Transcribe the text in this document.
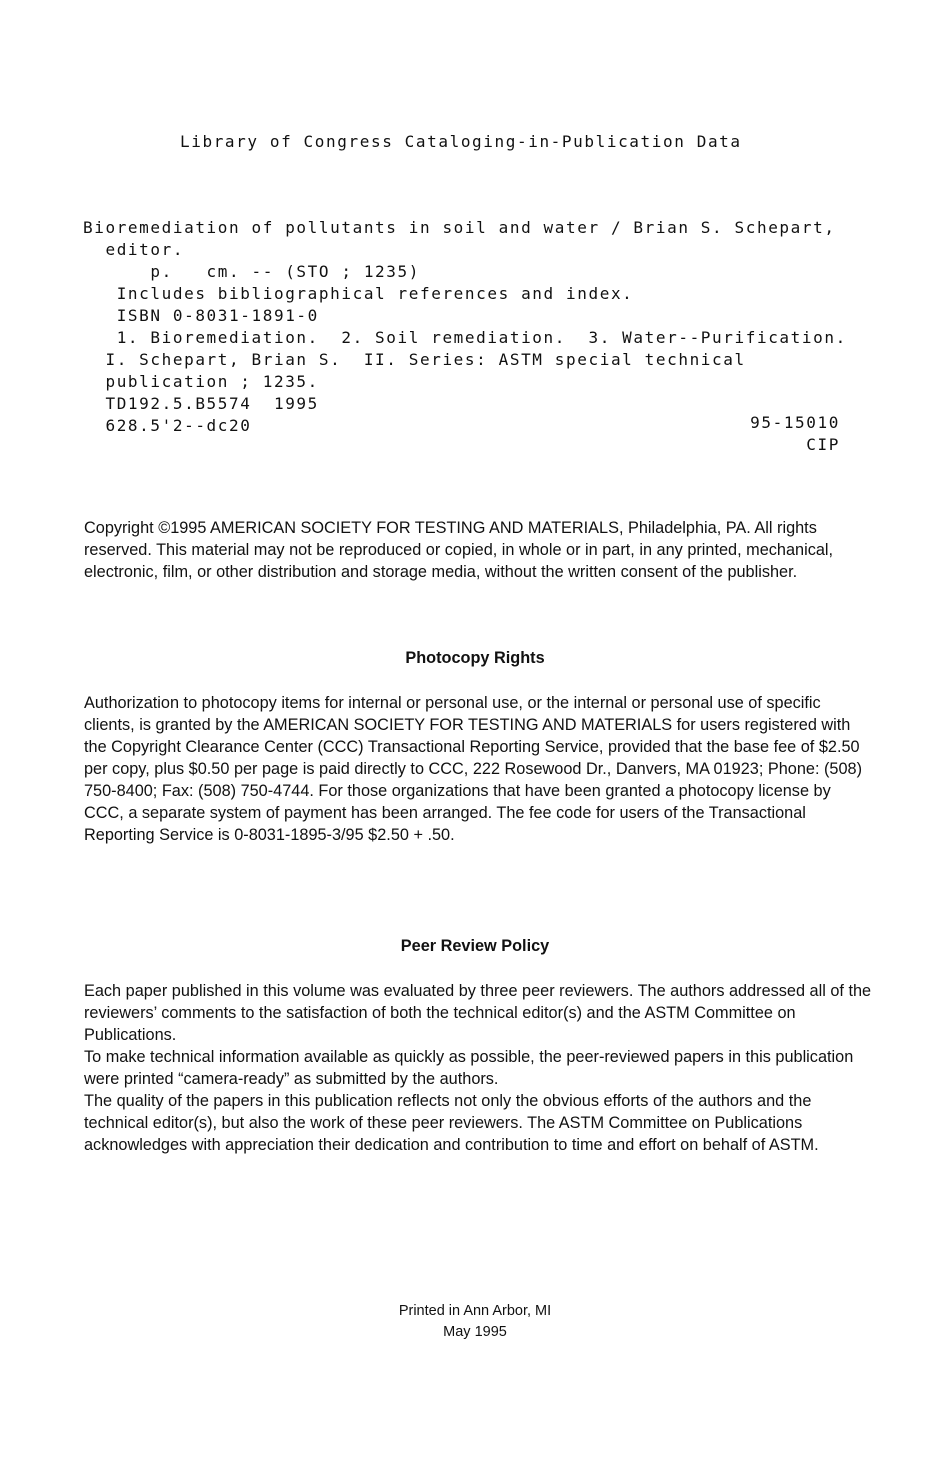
Library of Congress Cataloging-in-Publication Data
Bioremediation of pollutants in soil and water / Brian S. Schepart,
editor.
p.   cm. -- (STO ; 1235)
Includes bibliographical references and index.
ISBN 0-8031-1891-0
1. Bioremediation.  2. Soil remediation.  3. Water--Purification.
I. Schepart, Brian S.  II. Series: ASTM special technical
publication ; 1235.
TD192.5.B5574  1995
628.5'2--dc20	95-15010
CIP
Copyright ©1995 AMERICAN SOCIETY FOR TESTING AND MATERIALS, Philadelphia, PA. All rights reserved. This material may not be reproduced or copied, in whole or in part, in any printed, mechanical, electronic, film, or other distribution and storage media, without the written consent of the publisher.
Photocopy Rights
Authorization to photocopy items for internal or personal use, or the internal or personal use of specific clients, is granted by the AMERICAN SOCIETY FOR TESTING AND MATERIALS for users registered with the Copyright Clearance Center (CCC) Transactional Reporting Service, provided that the base fee of $2.50 per copy, plus $0.50 per page is paid directly to CCC, 222 Rosewood Dr., Danvers, MA 01923; Phone: (508) 750-8400; Fax: (508) 750-4744. For those organizations that have been granted a photocopy license by CCC, a separate system of payment has been arranged. The fee code for users of the Transactional Reporting Service is 0-8031-1895-3/95 $2.50 + .50.
Peer Review Policy

Each paper published in this volume was evaluated by three peer reviewers. The authors addressed all of the reviewers’ comments to the satisfaction of both the technical editor(s) and the ASTM Committee on Publications.

To make technical information available as quickly as possible, the peer-reviewed papers in this publication were printed “camera-ready” as submitted by the authors.

The quality of the papers in this publication reflects not only the obvious efforts of the authors and the technical editor(s), but also the work of these peer reviewers. The ASTM Committee on Publications acknowledges with appreciation their dedication and contribution to time and effort on behalf of ASTM.

Printed in Ann Arbor, MI
May 1995
